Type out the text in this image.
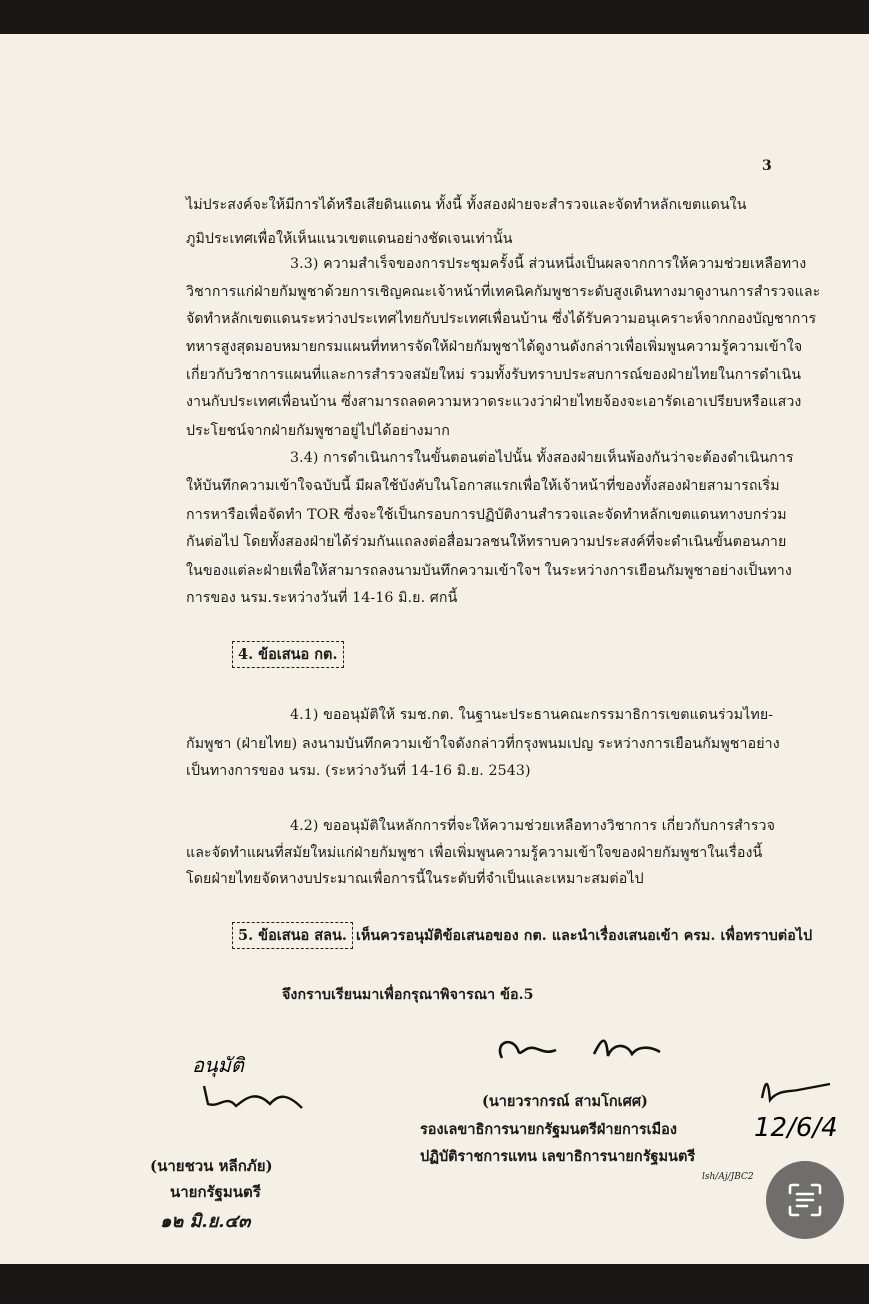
3
ไม่ประสงค์จะให้มีการได้หรือเสียดินแดน ทั้งนี้ ทั้งสองฝ่ายจะสำรวจและจัดทำหลักเขตแดนใน
ภูมิประเทศเพื่อให้เห็นแนวเขตแดนอย่างชัดเจนเท่านั้น
3.3) ความสำเร็จของการประชุมครั้งนี้ ส่วนหนึ่งเป็นผลจากการให้ความช่วยเหลือทาง
วิชาการแก่ฝ่ายกัมพูชาด้วยการเชิญคณะเจ้าหน้าที่เทคนิคกัมพูชาระดับสูงเดินทางมาดูงานการสำรวจและ
จัดทำหลักเขตแดนระหว่างประเทศไทยกับประเทศเพื่อนบ้าน ซึ่งได้รับความอนุเคราะห์จากกองบัญชาการ
ทหารสูงสุดมอบหมายกรมแผนที่ทหารจัดให้ฝ่ายกัมพูชาได้ดูงานดังกล่าวเพื่อเพิ่มพูนความรู้ความเข้าใจ
เกี่ยวกับวิชาการแผนที่และการสำรวจสมัยใหม่ รวมทั้งรับทราบประสบการณ์ของฝ่ายไทยในการดำเนิน
งานกับประเทศเพื่อนบ้าน ซึ่งสามารถลดความหวาดระแวงว่าฝ่ายไทยจ้องจะเอารัดเอาเปรียบหรือแสวง
ประโยชน์จากฝ่ายกัมพูชาอยู่ไปได้อย่างมาก
3.4) การดำเนินการในขั้นตอนต่อไปนั้น ทั้งสองฝ่ายเห็นพ้องกันว่าจะต้องดำเนินการ
ให้บันทึกความเข้าใจฉบับนี้ มีผลใช้บังคับในโอกาสแรกเพื่อให้เจ้าหน้าที่ของทั้งสองฝ่ายสามารถเริ่ม
การหารือเพื่อจัดทำ TOR ซึ่งจะใช้เป็นกรอบการปฏิบัติงานสำรวจและจัดทำหลักเขตแดนทางบกร่วม
กันต่อไป โดยทั้งสองฝ่ายได้ร่วมกันแถลงต่อสื่อมวลชนให้ทราบความประสงค์ที่จะดำเนินขั้นตอนภาย
ในของแต่ละฝ่ายเพื่อให้สามารถลงนามบันทึกความเข้าใจฯ ในระหว่างการเยือนกัมพูชาอย่างเป็นทาง
การของ นรม.ระหว่างวันที่ 14-16 มิ.ย. ศกนี้
4. ข้อเสนอ กต.
4.1) ขออนุมัติให้ รมช.กต. ในฐานะประธานคณะกรรมาธิการเขตแดนร่วมไทย-
กัมพูชา (ฝ่ายไทย) ลงนามบันทึกความเข้าใจดังกล่าวที่กรุงพนมเปญ ระหว่างการเยือนกัมพูชาอย่าง
เป็นทางการของ นรม. (ระหว่างวันที่ 14-16 มิ.ย. 2543)
4.2) ขออนุมัติในหลักการที่จะให้ความช่วยเหลือทางวิชาการ เกี่ยวกับการสำรวจ
และจัดทำแผนที่สมัยใหม่แก่ฝ่ายกัมพูชา เพื่อเพิ่มพูนความรู้ความเข้าใจของฝ่ายกัมพูชาในเรื่องนี้
โดยฝ่ายไทยจัดหางบประมาณเพื่อการนี้ในระดับที่จำเป็นและเหมาะสมต่อไป
5. ข้อเสนอ สลน. เห็นควรอนุมัติข้อเสนอของ กต. และนำเรื่องเสนอเข้า ครม. เพื่อทราบต่อไป
จึงกราบเรียนมาเพื่อกรุณาพิจารณา ข้อ.5
(นายวรากรณ์ สามโกเศศ)
รองเลขาธิการนายกรัฐมนตรีฝ่ายการเมือง
ปฏิบัติราชการแทน เลขาธิการนายกรัฐมนตรี
lsh/Aj/JBC2
12/6/4
อนุมัติ
(นายชวน หลีกภัย)
นายกรัฐมนตรี
๑๒ มิ.ย.๔๓
